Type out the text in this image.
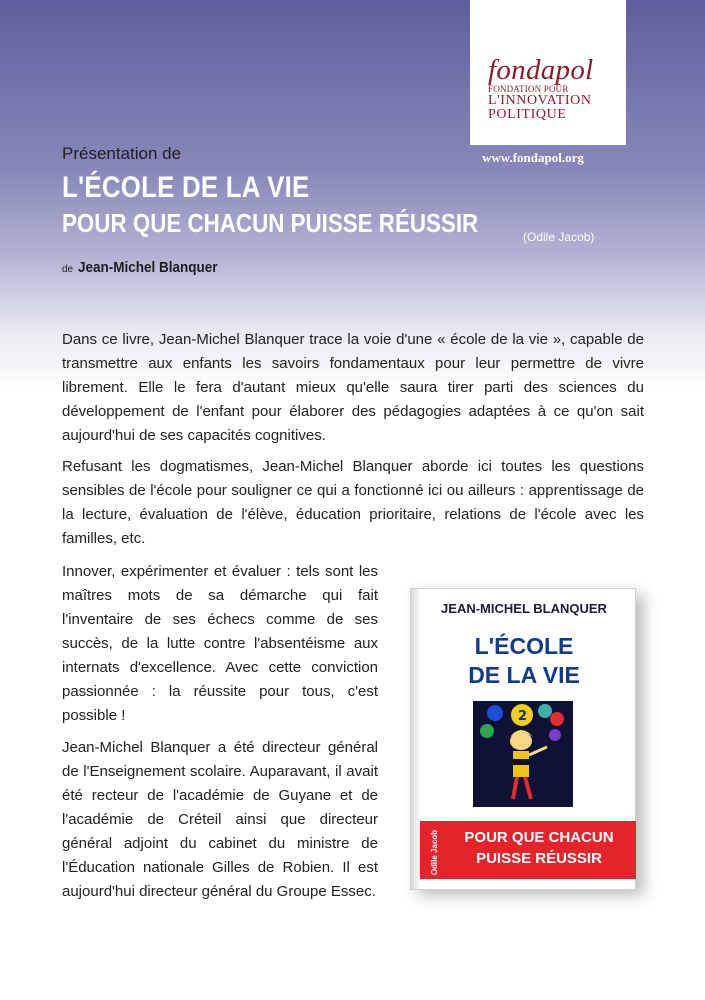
fondapol

FONDATION POUR

L'INNOVATION

POLITIQUE

www.fondapol.org

Présentation de

L'ÉCOLE DE LA VIE

POUR QUE CHACUN PUISSE RÉUSSIR	(Odile Jacob)

de Jean-Michel Blanquer

Dans ce livre, Jean-Michel Blanquer trace la voie d'une « école de la vie », capable de transmettre aux enfants les savoirs fondamentaux pour leur permettre de vivre librement. Elle le fera d'autant mieux qu'elle saura tirer parti des sciences du développement de l'enfant pour élaborer des pédagogies adaptées à ce qu'on sait aujourd'hui de ses capacités cognitives.

Refusant les dogmatismes, Jean-Michel Blanquer aborde ici toutes les questions sensibles de l'école pour souligner ce qui a fonctionné ici ou ailleurs : apprentissage de la lecture, évaluation de l'élève, éducation prioritaire, relations de l'école avec les familles, etc.

Innover, expérimenter et évaluer : tels sont les maîtres mots de sa démarche qui fait l'inventaire de ses échecs comme de ses succès, de la lutte contre l'absentéisme aux internats d'excellence. Avec cette conviction passionnée : la réussite pour tous, c'est possible !

Jean-Michel Blanquer a été directeur général de l'Enseignement scolaire. Auparavant, il avait été recteur de l'académie de Guyane et de l'académie de Créteil ainsi que directeur général adjoint du cabinet du ministre de l'Éducation nationale Gilles de Robien. Il est aujourd'hui directeur général du Groupe Essec.

JEAN-MICHEL BLANQUER

L'ÉCOLE

DE LA VIE

2
Odile Jacob	POUR QUE CHACUN

PUISSE RÉUSSIR
